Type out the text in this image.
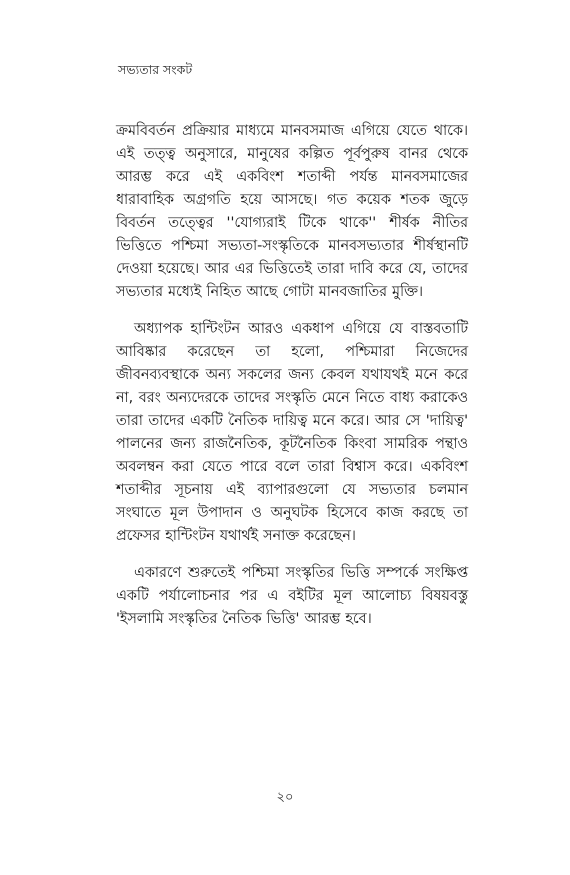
সভ্যতার সংকট

ক্রমবিবর্তন প্রক্রিয়ার মাধ্যমে মানবসমাজ এগিয়ে যেতে থাকে। এই তত্ত্ব অনুসারে, মানুষের কল্পিত পূর্বপুরুষ বানর থেকে আরম্ভ করে এই একবিংশ শতাব্দী পর্যন্ত মানবসমাজের ধারাবাহিক অগ্রগতি হয়ে আসছে। গত কয়েক শতক জুড়ে বিবর্তন তত্ত্বের ''যোগ্যরাই টিকে থাকে'' শীর্ষক নীতির ভিত্তিতে পশ্চিমা সভ্যতা-সংস্কৃতিকে মানবসভ্যতার শীর্ষস্থানটি দেওয়া হয়েছে। আর এর ভিত্তিতেই তারা দাবি করে যে, তাদের সভ্যতার মধ্যেই নিহিত আছে গোটা মানবজাতির মুক্তি।

অধ্যাপক হান্টিংটন আরও একধাপ এগিয়ে যে বাস্তবতাটি আবিষ্কার করেছেন তা হলো, পশ্চিমারা নিজেদের জীবনব্যবস্থাকে অন্য সকলের জন্য কেবল যথাযথই মনে করে না, বরং অন্যদেরকে তাদের সংস্কৃতি মেনে নিতে বাধ্য করাকেও তারা তাদের একটি নৈতিক দায়িত্ব মনে করে। আর সে 'দায়িত্ব' পালনের জন্য রাজনৈতিক, কূটনৈতিক কিংবা সামরিক পন্থাও অবলম্বন করা যেতে পারে বলে তারা বিশ্বাস করে। একবিংশ শতাব্দীর সূচনায় এই ব্যাপারগুলো যে সভ্যতার চলমান সংঘাতে মূল উপাদান ও অনুঘটক হিসেবে কাজ করছে তা প্রফেসর হান্টিংটন যথার্থই সনাক্ত করেছেন।

একারণে শুরুতেই পশ্চিমা সংস্কৃতির ভিত্তি সম্পর্কে সংক্ষিপ্ত একটি পর্যালোচনার পর এ বইটির মূল আলোচ্য বিষয়বস্তু 'ইসলামি সংস্কৃতির নৈতিক ভিত্তি' আরম্ভ হবে।

২০
